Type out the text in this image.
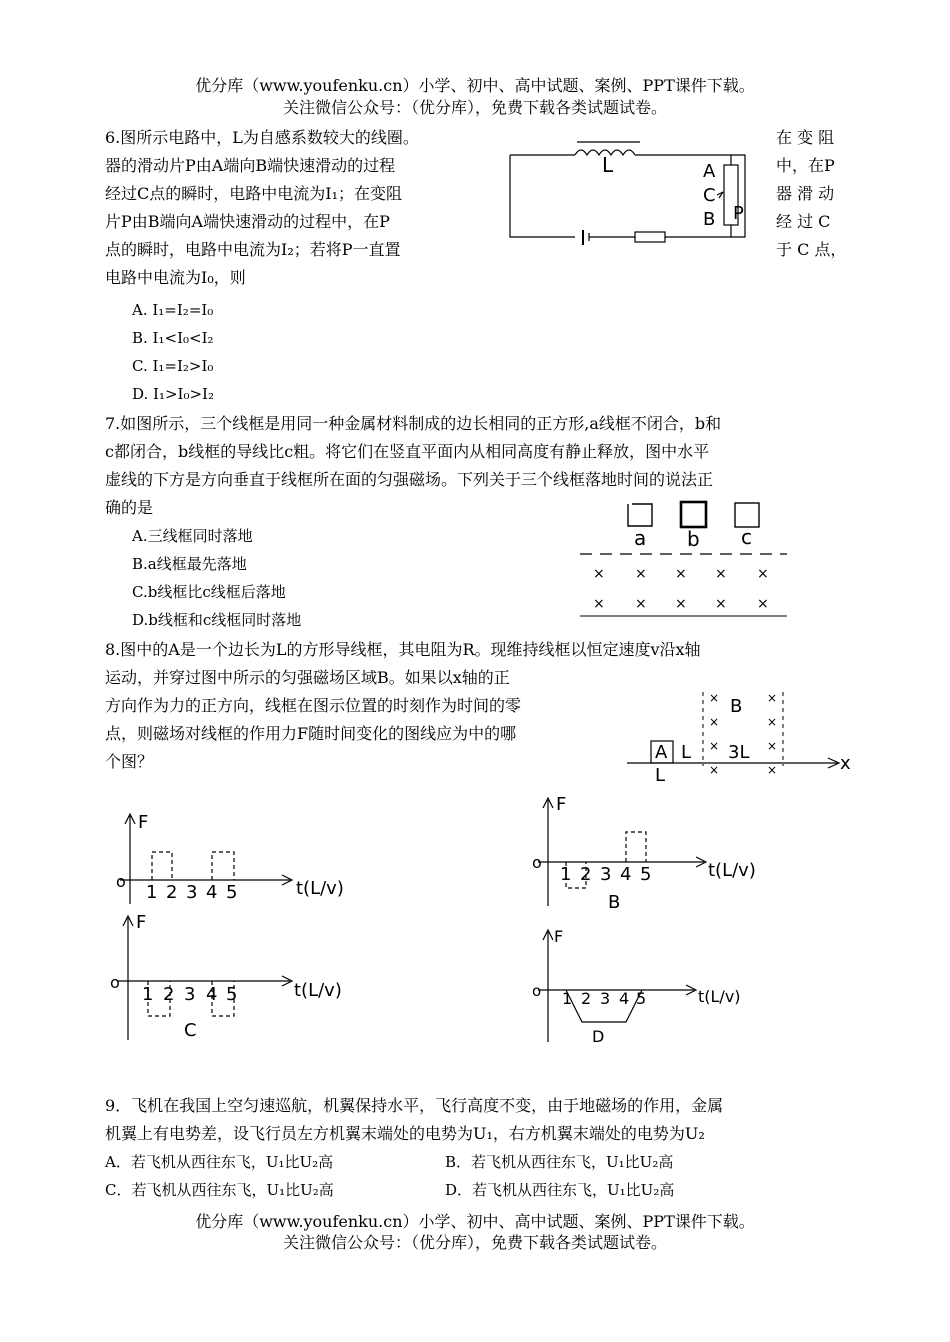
优分库（www.youfenku.cn）小学、初中、高中试题、案例、PPT课件下载。
关注微信公众号：（优分库），免费下载各类试题试卷。
6.图所示电路中，L为自感系数较大的线圈。
器的滑动片P由A端向B端快速滑动的过程
经过C点的瞬时，电路中电流为I₁；在变阻
片P由B端向A端快速滑动的过程中，在P
点的瞬时，电路中电流为I₂；若将P一直置
电路中电流为I₀，则
在 变 阻
中，在P
器 滑 动
经 过 C
于 C 点，
A. I₁=I₂=I₀
B. I₁<I₀<I₂
C. I₁=I₂>I₀
D. I₁>I₀>I₂
L	A
C
B P
7.如图所示，三个线框是用同一种金属材料制成的边长相同的正方形,a线框不闭合，b和
c都闭合，b线框的导线比c粗。将它们在竖直平面内从相同高度有静止释放，图中水平
虚线的下方是方向垂直于线框所在面的匀强磁场。下列关于三个线框落地时间的说法正
确的是
A.三线框同时落地
B.a线框最先落地
C.b线框比c线框后落地
D.b线框和c线框同时落地
a b c
× × × × ×
× × × × ×
8.图中的A是一个边长为L的方形导线框，其电阻为R。现维持线框以恒定速度v沿x轴
运动，并穿过图中所示的匀强磁场区域B。如果以x轴的正
方向作为力的正方向，线框在图示位置的时刻作为时间的零
点，则磁场对线框的作用力F随时间变化的图线应为中的哪
个图？	A
L
L 3L
B
x
×
×
×
×
×
×
×
×
F
o
1 2 3 4 5	t(L/v)
F
o
1 2 3 4 5	t(L/v)
B
F
o
1 2 3 4 5	t(L/v)
C
F
o 1 2 3 4 5	t(L/v)
D
9．飞机在我国上空匀速巡航，机翼保持水平，飞行高度不变，由于地磁场的作用，金属
机翼上有电势差，设飞行员左方机翼末端处的电势为U₁，右方机翼末端处的电势为U₂
A．若飞机从西往东飞，U₁比U₂高	B．若飞机从西往东飞，U₁比U₂高
C．若飞机从西往东飞，U₁比U₂高	D．若飞机从西往东飞，U₁比U₂高
优分库（www.youfenku.cn）小学、初中、高中试题、案例、PPT课件下载。
关注微信公众号：（优分库），免费下载各类试题试卷。
